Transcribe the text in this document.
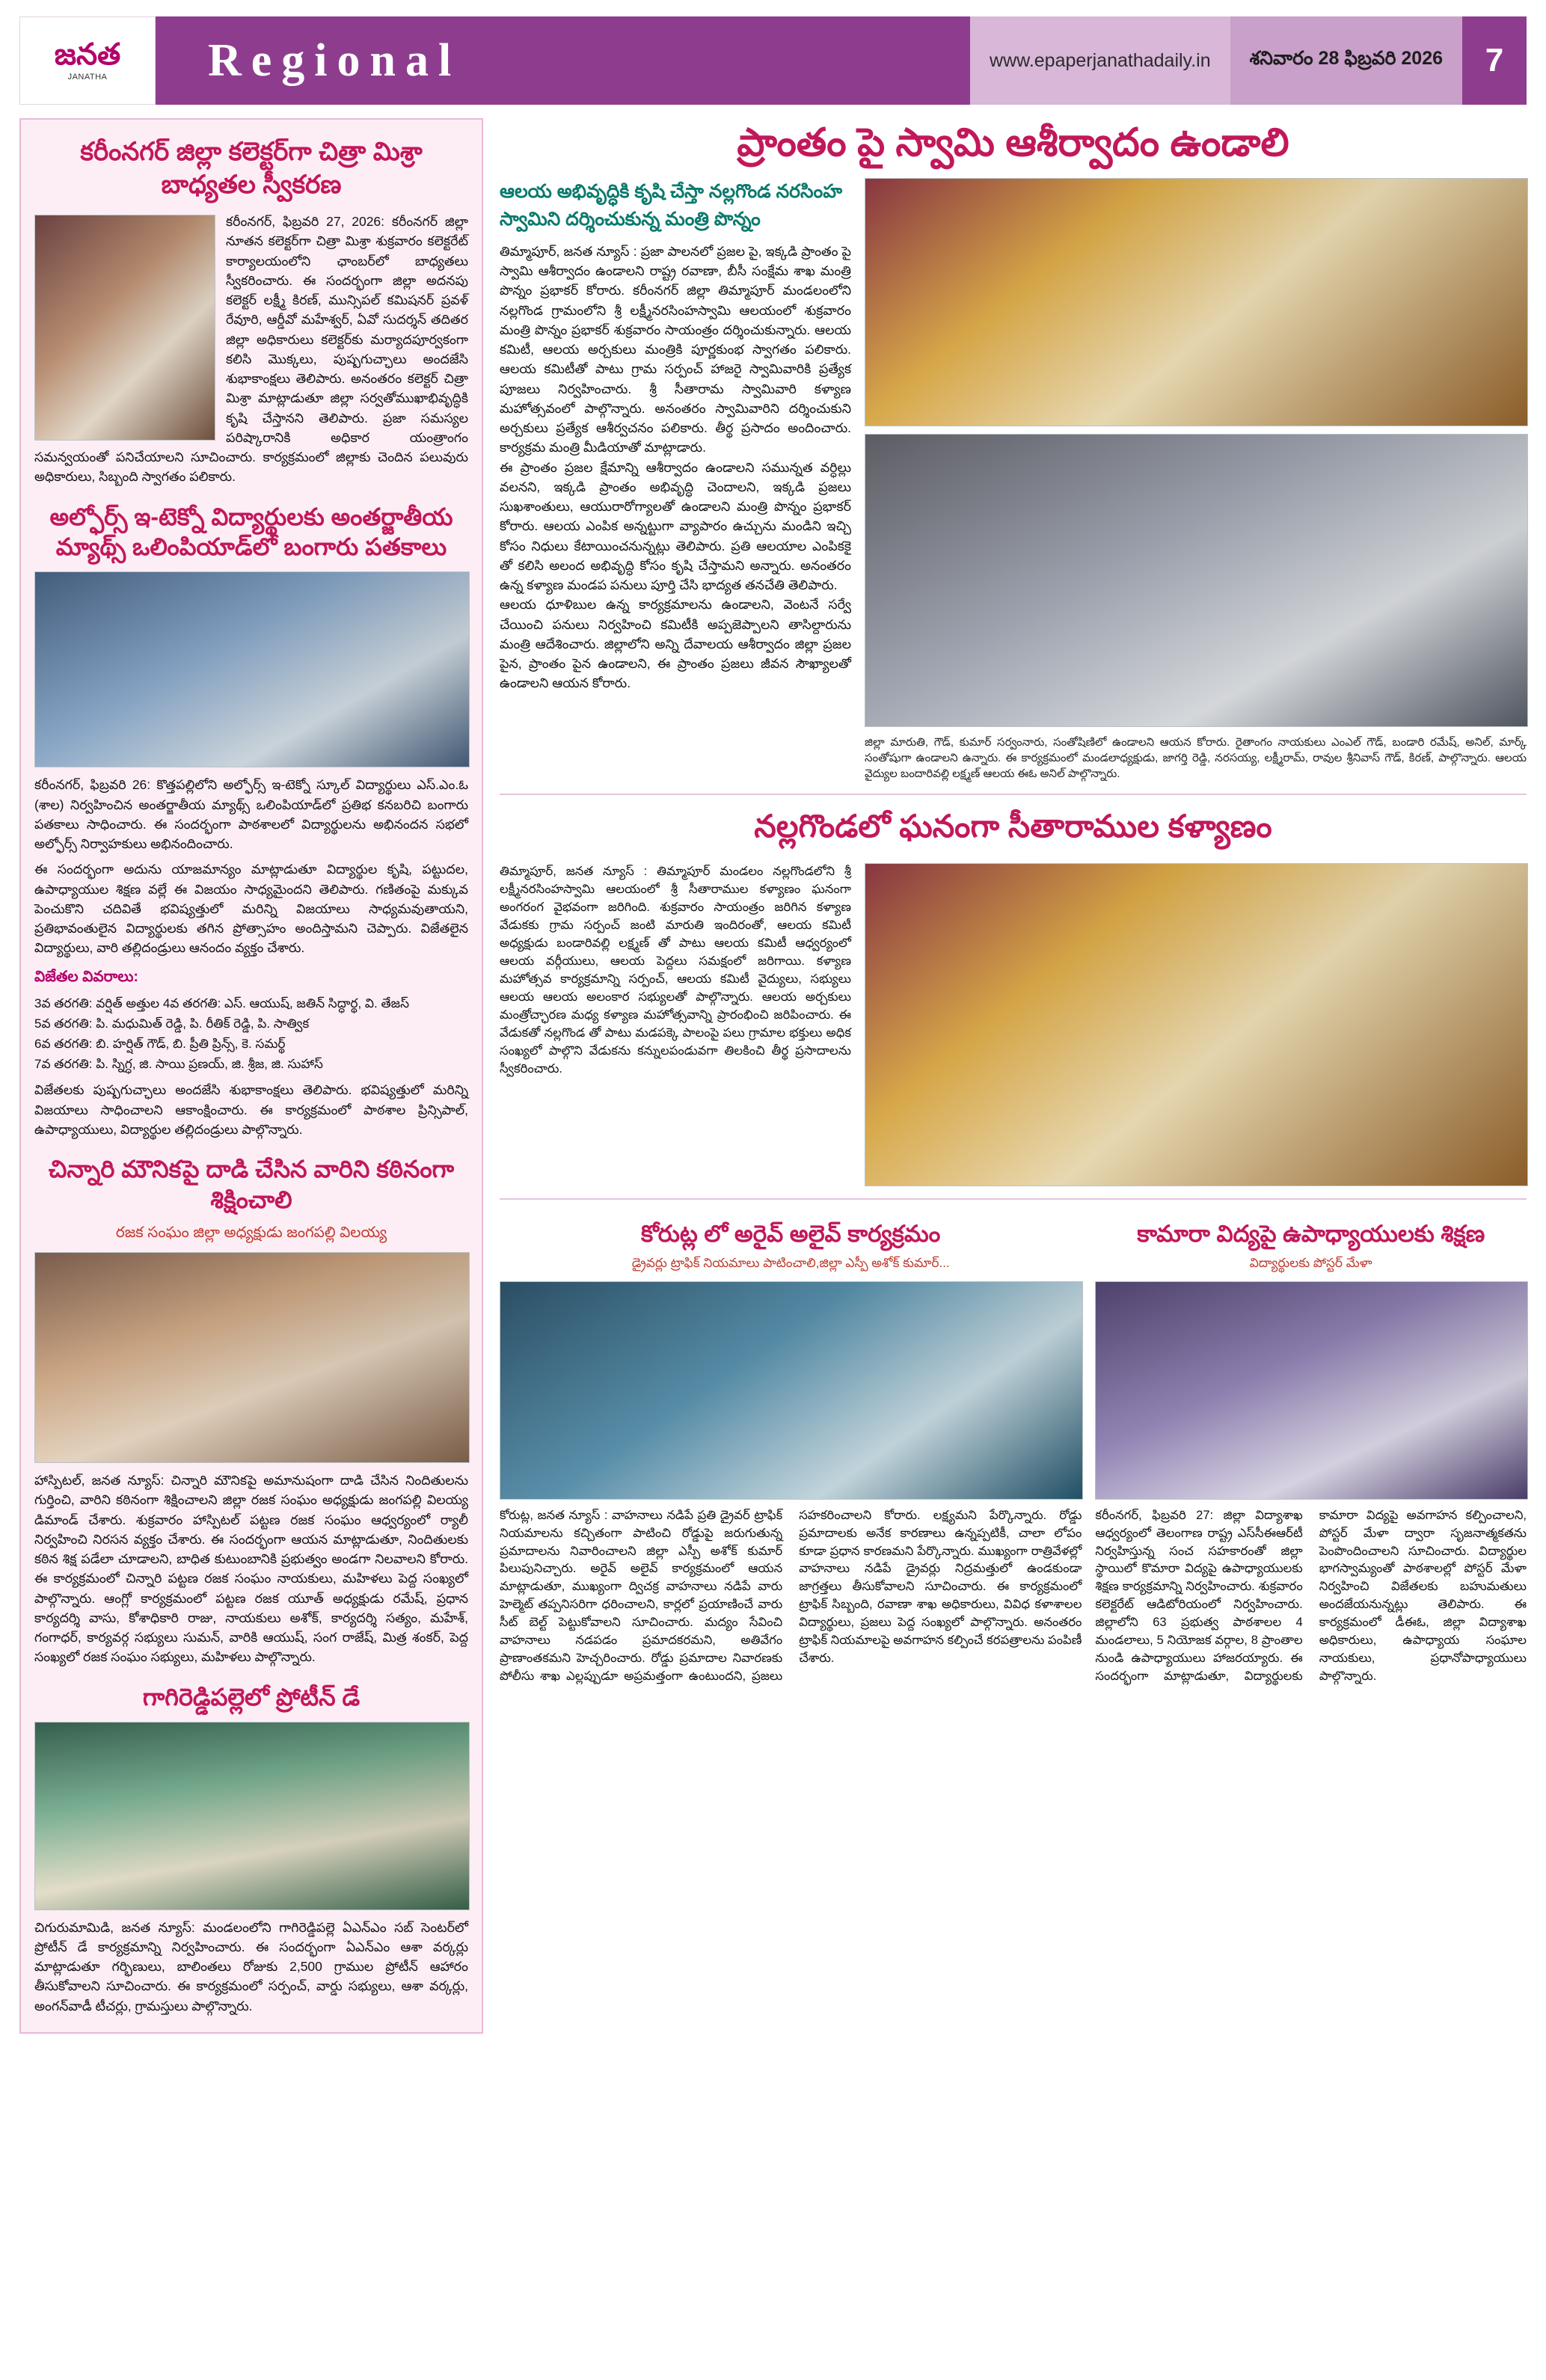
జనత
JANATHA	Regional	www.epaperjanathadaily.in	శనివారం 28 ఫిబ్రవరి 2026	7
కరీంనగర్ జిల్లా కలెక్టర్‌గా చిత్రా మిశ్రా బాధ్యతల స్వీకరణ
కరీంనగర్, ఫిబ్రవరి 27, 2026: కరీంనగర్ జిల్లా నూతన కలెక్టర్‌గా చిత్రా మిశ్రా శుక్రవారం కలెక్టరేట్ కార్యాలయంలోని ఛాంబర్‌లో బాధ్యతలు స్వీకరించారు. ఈ సందర్భంగా జిల్లా అదనపు కలెక్టర్ లక్ష్మీ కిరణ్, మున్సిపల్ కమిషనర్ ప్రవళ్ రేవూరి, ఆర్డీవో మహేశ్వర్, ఏవో సుదర్శన్ తదితర జిల్లా అధికారులు కలెక్టర్‌కు మర్యాదపూర్వకంగా కలిసి మొక్కలు, పుష్పగుచ్ఛాలు అందజేసి శుభాకాంక్షలు తెలిపారు. అనంతరం కలెక్టర్ చిత్రా మిశ్రా మాట్లాడుతూ జిల్లా సర్వతోముఖాభివృద్ధికి కృషి చేస్తానని తెలిపారు. ప్రజా సమస్యల పరిష్కారానికి అధికార యంత్రాంగం సమన్వయంతో పనిచేయాలని సూచించారు. కార్యక్రమంలో జిల్లాకు చెందిన పలువురు అధికారులు, సిబ్బంది స్వాగతం పలికారు.
అల్ఫోర్స్ ఇ-టెక్నో విద్యార్థులకు అంతర్జాతీయ మ్యాథ్స్ ఒలింపియాడ్‌లో బంగారు పతకాలు
కరీంనగర్, ఫిబ్రవరి 26: కొత్తపల్లిలోని అల్ఫోర్స్ ఇ-టెక్నో స్కూల్ విద్యార్థులు ఎస్.ఎం.ఓ (శాల) నిర్వహించిన అంతర్జాతీయ మ్యాథ్స్ ఒలింపియాడ్‌లో ప్రతిభ కనబరిచి బంగారు పతకాలు సాధించారు. ఈ సందర్భంగా పాఠశాలలో విద్యార్థులను అభినందన సభలో అల్ఫోర్స్ నిర్వాహకులు అభినందించారు.
ఈ సందర్భంగా అదును యాజమాన్యం మాట్లాడుతూ విద్యార్థుల కృషి, పట్టుదల, ఉపాధ్యాయుల శిక్షణ వల్లే ఈ విజయం సాధ్యమైందని తెలిపారు. గణితంపై మక్కువ పెంచుకొని చదివితే భవిష్యత్తులో మరిన్ని విజయాలు సాధ్యమవుతాయని, ప్రతిభావంతులైన విద్యార్థులకు తగిన ప్రోత్సాహం అందిస్తామని చెప్పారు. విజేతలైన విద్యార్థులు, వారి తల్లిదండ్రులు ఆనందం వ్యక్తం చేశారు.
విజేతల వివరాలు:
3వ తరగతి: వర్షిత్ అత్తుల 4వ తరగతి: ఎస్. ఆయుష్, జతిన్ సిద్ధార్థ, వి. తేజస్
5వ తరగతి: పి. మధుమిత్ రెడ్డి, పి. రీతిక్ రెడ్డి, పి. సాత్విక
6వ తరగతి: బి. హర్షిత్ గౌడ్, బి. ప్రీతి ప్రిన్స్, కె. సమర్థ్
7వ తరగతి: పి. స్నిగ్ధ, జి. సాయి ప్రణయ్, జి. శ్రీజ, జి. సుహాస్
విజేతలకు పుష్పగుచ్ఛాలు అందజేసి శుభాకాంక్షలు తెలిపారు. భవిష్యత్తులో మరిన్ని విజయాలు సాధించాలని ఆకాంక్షించారు. ఈ కార్యక్రమంలో పాఠశాల ప్రిన్సిపాల్, ఉపాధ్యాయులు, విద్యార్థుల తల్లిదండ్రులు పాల్గొన్నారు.
చిన్నారి మౌనికపై దాడి చేసిన వారిని కఠినంగా శిక్షించాలి
రజక సంఘం జిల్లా అధ్యక్షుడు జంగపల్లి విలయ్య
హాస్పిటల్, జనత న్యూస్: చిన్నారి మౌనికపై అమానుషంగా దాడి చేసిన నిందితులను గుర్తించి, వారిని కఠినంగా శిక్షించాలని జిల్లా రజక సంఘం అధ్యక్షుడు జంగపల్లి విలయ్య డిమాండ్ చేశారు. శుక్రవారం హాస్పిటల్ పట్టణ రజక సంఘం ఆధ్వర్యంలో ర్యాలీ నిర్వహించి నిరసన వ్యక్తం చేశారు. ఈ సందర్భంగా ఆయన మాట్లాడుతూ, నిందితులకు కఠిన శిక్ష పడేలా చూడాలని, బాధిత కుటుంబానికి ప్రభుత్వం అండగా నిలవాలని కోరారు. ఈ కార్యక్రమంలో చిన్నారి పట్టణ రజక సంఘం నాయకులు, మహిళలు పెద్ద సంఖ్యలో పాల్గొన్నారు. ఆంగ్లో కార్యక్రమంలో పట్టణ రజక యూత్ అధ్యక్షుడు రమేష్, ప్రధాన కార్యదర్శి వాసు, కోశాధికారి రాజు, నాయకులు అశోక్, కార్యదర్శి సత్యం, మహేశ్, గంగాధర్, కార్యవర్గ సభ్యులు సుమన్, వారికి ఆయుష్, సంగ రాజేష్, మిత్ర శంకర్, పెద్ద సంఖ్యలో రజక సంఘం సభ్యులు, మహిళలు పాల్గొన్నారు.
గాగిరెడ్డిపల్లెలో ప్రోటీన్ డే
చిగురుమామిడి, జనత న్యూస్: మండలంలోని గాగిరెడ్డిపల్లె ఏఎన్ఎం సబ్ సెంటర్‌లో ప్రోటీన్ డే కార్యక్రమాన్ని నిర్వహించారు. ఈ సందర్భంగా ఏఎన్ఎం ఆశా వర్కర్లు మాట్లాడుతూ గర్భిణులు, బాలింతలు రోజుకు 2,500 గ్రాముల ప్రోటీన్ ఆహారం తీసుకోవాలని సూచించారు. ఈ కార్యక్రమంలో సర్పంచ్, వార్డు సభ్యులు, ఆశా వర్కర్లు, అంగన్‌వాడీ టీచర్లు, గ్రామస్తులు పాల్గొన్నారు.
ప్రాంతం పై స్వామి ఆశీర్వాదం ఉండాలి
ఆలయ అభివృద్ధికి కృషి చేస్తా నల్లగొండ నరసింహ స్వామిని దర్శించుకున్న మంత్రి పొన్నం
తిమ్మాపూర్, జనత న్యూస్ : ప్రజా పాలనలో ప్రజల పై, ఇక్కడి ప్రాంతం పై స్వామి ఆశీర్వాదం ఉండాలని రాష్ట్ర రవాణా, బీసీ సంక్షేమ శాఖ మంత్రి పొన్నం ప్రభాకర్ కోరారు. కరీంనగర్ జిల్లా తిమ్మాపూర్ మండలంలోని నల్లగొండ గ్రామంలోని శ్రీ లక్ష్మీనరసింహస్వామి ఆలయంలో శుక్రవారం మంత్రి పొన్నం ప్రభాకర్ శుక్రవారం సాయంత్రం దర్శించుకున్నారు. ఆలయ కమిటీ, ఆలయ అర్చకులు మంత్రికి పూర్ణకుంభ స్వాగతం పలికారు. ఆలయ కమిటీతో పాటు గ్రామ సర్పంచ్ హాజరై స్వామివారికి ప్రత్యేక పూజలు నిర్వహించారు. శ్రీ సీతారామ స్వామివారి కళ్యాణ మహోత్సవంలో పాల్గొన్నారు. అనంతరం స్వామివారిని దర్శించుకుని అర్చకులు ప్రత్యేక ఆశీర్వచనం పలికారు. తీర్థ ప్రసాదం అందించారు. కార్యక్రమ మంత్రి మీడియాతో మాట్లాడారు.
ఈ ప్రాంతం ప్రజల క్షేమాన్ని ఆశీర్వాదం ఉండాలని సమున్నత వర్ధిల్లు వలనని, ఇక్కడి ప్రాంతం అభివృద్ధి చెందాలని, ఇక్కడి ప్రజలు సుఖశాంతులు, ఆయురారోగ్యాలతో ఉండాలని మంత్రి పొన్నం ప్రభాకర్ కోరారు. ఆలయ ఎంపిక అన్నట్టుగా వ్యాపారం ఉచ్చును మండిని ఇచ్చి కోసం నిధులు కేటాయించనున్నట్లు తెలిపారు. ప్రతి ఆలయాల ఎంపికకై తో కలిసి అలంద అభివృద్ధి కోసం కృషి చేస్తామని అన్నారు. అనంతరం ఉన్న కళ్యాణ మండప పనులు పూర్తి చేసి భాద్యత తనచేతి తెలిపారు.
ఆలయ ధూళిబుల ఉన్న కార్యక్రమాలను ఉండాలని, వెంటనే సర్వే చేయించి పనులు నిర్వహించి కమిటీకి అప్పజెప్పాలని తాసిల్దారును మంత్రి ఆదేశించారు. జిల్లాలోని అన్ని దేవాలయ ఆశీర్వాదం జిల్లా ప్రజల పైన, ప్రాంతం పైన ఉండాలని, ఈ ప్రాంతం ప్రజలు జీవన సౌఖ్యాలతో ఉండాలని ఆయన కోరారు.
జిల్లా మారుతి, గౌడ్, కుమార్ సర్వంనారు, సంతోషిణిలో ఉండాలని ఆయన కోరారు. రైతాంగం నాయకులు ఎంఎల్ గౌడ్, బండారి రమేష్, అనిల్, మార్క్ సంతోషుగా ఉండాలని ఉన్నారు. ఈ కార్యక్రమంలో మండలాధ్యక్షుడు, జాగర్తి రెడ్డి, నరసయ్య, లక్ష్మీరామ్, రావుల శ్రీనివాస్ గౌడ్, కిరణ్, పాల్గొన్నారు. ఆలయ వైద్యుల బందారివల్లి లక్ష్మణ్ ఆలయ ఈఓ అనిల్ పాల్గొన్నారు.
నల్లగొండలో ఘనంగా సీతారాముల కళ్యాణం
తిమ్మాపూర్, జనత న్యూస్ : తిమ్మాపూర్ మండలం నల్లగొండలోని శ్రీ లక్ష్మీనరసింహస్వామి ఆలయంలో శ్రీ సీతారాముల కళ్యాణం ఘనంగా అంగరంగ వైభవంగా జరిగింది. శుక్రవారం సాయంత్రం జరిగిన కళ్యాణ వేడుకకు గ్రామ సర్పంచ్ జంటి మారుతి ఇందిరంతో, ఆలయ కమిటీ అధ్యక్షుడు బండారివల్లి లక్ష్మణ్ తో పాటు ఆలయ కమిటీ ఆధ్వర్యంలో ఆలయ వర్గీయులు, ఆలయ పెద్దలు సమక్షంలో జరిగాయి. కళ్యాణ మహోత్సవ కార్యక్రమాన్ని సర్పంచ్, ఆలయ కమిటీ వైద్యులు, సభ్యులు ఆలయ ఆలయ అలంకార సభ్యులతో పాల్గొన్నారు. ఆలయ అర్చకులు మంత్రోచ్ఛారణ మధ్య కళ్యాణ మహోత్సవాన్ని ప్రారంభించి జరిపించారు. ఈ వేడుకతో నల్లగొండ తో పాటు మడపక్కె పాలంపై పలు గ్రామాల భక్తులు అధిక సంఖ్యలో పాల్గొని వేడుకను కన్నులపండువగా తిలకించి తీర్థ ప్రసాదాలను స్వీకరించారు.
కోరుట్ల లో అరైవ్ అలైవ్ కార్యక్రమం
డ్రైవర్లు ట్రాఫిక్ నియమాలు పాటించాలి,జిల్లా ఎస్పీ అశోక్ కుమార్...
కోరుట్ల, జనత న్యూస్ : వాహనాలు నడిపే ప్రతి డ్రైవర్ ట్రాఫిక్ నియమాలను కచ్చితంగా పాటించి రోడ్డుపై జరుగుతున్న ప్రమాదాలను నివారించాలని జిల్లా ఎస్పీ అశోక్ కుమార్ పిలుపునిచ్చారు. అరైవ్ అలైవ్ కార్యక్రమంలో ఆయన మాట్లాడుతూ, ముఖ్యంగా ద్విచక్ర వాహనాలు నడిపే వారు హెల్మెట్ తప్పనిసరిగా ధరించాలని, కార్లలో ప్రయాణించే వారు సీట్ బెల్ట్ పెట్టుకోవాలని సూచించారు. మద్యం సేవించి వాహనాలు నడపడం ప్రమాదకరమని, అతివేగం ప్రాణాంతకమని హెచ్చరించారు. రోడ్డు ప్రమాదాల నివారణకు పోలీసు శాఖ ఎల్లప్పుడూ అప్రమత్తంగా ఉంటుందని, ప్రజలు సహకరించాలని కోరారు. లక్ష్యమని పేర్కొన్నారు. రోడ్డు ప్రమాదాలకు అనేక కారణాలు ఉన్నప్పటికీ, చాలా లోపం కూడా ప్రధాన కారణమని పేర్కొన్నారు. ముఖ్యంగా రాత్రివేళల్లో వాహనాలు నడిపే డ్రైవర్లు నిద్రమత్తులో ఉండకుండా జాగ్రత్తలు తీసుకోవాలని సూచించారు. ఈ కార్యక్రమంలో ట్రాఫిక్ సిబ్బంది, రవాణా శాఖ అధికారులు, వివిధ కళాశాలల విద్యార్థులు, ప్రజలు పెద్ద సంఖ్యలో పాల్గొన్నారు. అనంతరం ట్రాఫిక్ నియమాలపై అవగాహన కల్పించే కరపత్రాలను పంపిణీ చేశారు.
కామారా విద్యపై ఉపాధ్యాయులకు శిక్షణ
విద్యార్థులకు పోస్టర్ మేళా
కరీంనగర్, ఫిబ్రవరి 27: జిల్లా విద్యాశాఖ ఆధ్వర్యంలో తెలంగాణ రాష్ట్ర ఎస్‌సీఈఆర్‌టీ నిర్వహిస్తున్న సంచ సహకారంతో జిల్లా స్థాయిలో కొమారా విద్యపై ఉపాధ్యాయులకు శిక్షణ కార్యక్రమాన్ని నిర్వహించారు. శుక్రవారం కలెక్టరేట్ ఆడిటోరియంలో నిర్వహించారు. జిల్లాలోని 63 ప్రభుత్వ పాఠశాలల 4 మండలాలు, 5 నియోజక వర్గాల, 8 ప్రాంతాల నుండి ఉపాధ్యాయులు హాజరయ్యారు. ఈ సందర్భంగా మాట్లాడుతూ, విద్యార్థులకు కామారా విద్యపై అవగాహన కల్పించాలని, పోస్టర్ మేళా ద్వారా సృజనాత్మకతను పెంపొందించాలని సూచించారు. విద్యార్థుల భాగస్వామ్యంతో పాఠశాలల్లో పోస్టర్ మేళా నిర్వహించి విజేతలకు బహుమతులు అందజేయనున్నట్లు తెలిపారు. ఈ కార్యక్రమంలో డీఈఓ, జిల్లా విద్యాశాఖ అధికారులు, ఉపాధ్యాయ సంఘాల నాయకులు, ప్రధానోపాధ్యాయులు పాల్గొన్నారు.
